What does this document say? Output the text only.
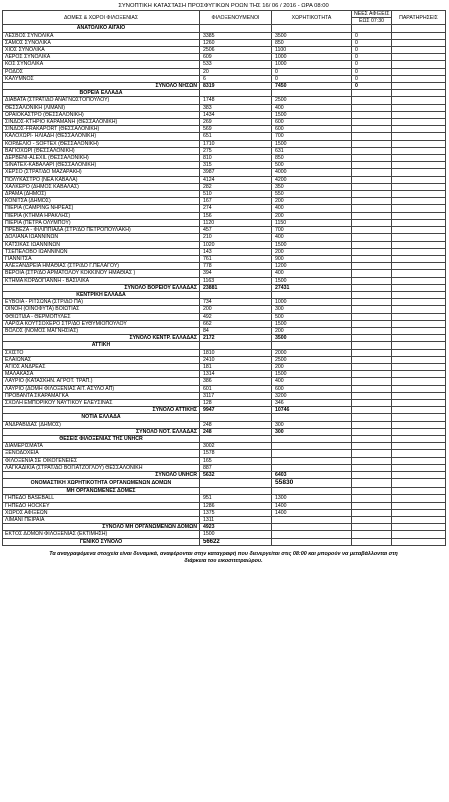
ΣΥΝΟΠΤΙΚΗ ΚΑΤΑΣΤΑΣΗ ΠΡΟΣΦΥΓΙΚΩΝ ΡΟΩΝ ΤΗΣ 16/ 06 / 2016 - ΩΡΑ 08:00
ΔΟΜΕΣ & ΧΩΡΟΙ ΦΙΛΟΞΕΝΙΑΣ	ΦΙΛΟΞΕΝΟΥΜΕΝΟΙ	ΧΩΡΗΤΙΚΟΤΗΤΑ	ΝΕΕΣ ΑΦΙΞΕΙΣ	ΠΑΡΑΤΗΡΗΣΕΙΣ
			ΕΩΣ 07:30	
ΑΝΑΤΟΛΙΚΟ ΑΙΓΑΙΟ				
ΛΕΣΒΟΣ ΣΥΝΟΛΙΚΑ	3385	3500	0	
ΣΑΜΟΣ ΣΥΝΟΛΙΚΑ	1260	850	0	
ΧΙΟΣ ΣΥΝΟΛΙΚΑ	2506	1100	0	
ΛΕΡΟΣ ΣΥΝΟΛΙΚΑ	609	1000	0	
ΚΟΣ ΣΥΝΟΛΙΚΑ	533	1000	0	
ΡΟΔΟΣ	20	0	0	
ΚΑΛΥΜΝΟΣ	6	0	0	
ΣΥΝΟΛΟ ΝΗΣΩΝ	8319	7450	0	
ΒΟΡΕΙΑ ΕΛΛΑΔΑ				
ΔΙΑΒΑΤΑ (ΣΤΡΑΤ/ΔΟ ΑΝΑΓΝΩΣΤΟΠΟΥΛΟΥ)	1748	2500		
ΘΕΣΣΑΛΟΝΙΚΗ (ΛΙΜΑΝΙ)	383	400		
ΩΡΑΙΟΚΑΣΤΡΟ (ΘΕΣΣΑΛΟΝΙΚΗ)	1434	1500		
ΣΙΝΔΟΣ-ΚΤΗΡΙΟ ΚΑΡΑΜΑΝΗ (ΘΕΣΣΑΛΟΝΙΚΗ)	269	600		
ΣΙΝΔΟΣ-FRAKAPORT (ΘΕΣΣΑΛΟΝΙΚΗ)	569	600		
ΚΑΛΟΧΩΡΙ- ΗΛΙΑΔΗ (ΘΕΣΣΑΛΟΝΙΚΗ)	651	700		
ΚΟΡΔΕΛΙΟ - SOFTEX (ΘΕΣΣΑΛΟΝΙΚΗ)	1710	1500		
ΒΑΓΙΟΧΩΡΙ (ΘΕΣΣΑΛΟΝΙΚΗ)	275	631		
ΔΕΡΒΕΝΙ-ALEXIL (ΘΕΣΣΑΛΟΝΙΚΗ)	810	850		
SINATEX-ΚΑΒΑΛΑΡΙ (ΘΕΣΣΑΛΟΝΙΚΗ)	315	500		
ΧΕΡΣΟ (ΣΤΡΑΤ/ΔΟ ΜΑΖΑΡΑΚΗ)	3987	4000		
ΠΟΛΥΚΑΣΤΡΟ (ΝΕΑ ΚΑΒΑΛΑ)	4124	4200		
ΧΑΛΚΕΡΟ (ΔΗΜΟΣ ΚΑΒΑΛΑΣ)	282	350		
ΔΡΑΜΑ (ΔΗΜΟΣ)	510	550		
ΚΟΝΙΤΣΑ (ΔΗΜΟΣ)	167	200		
ΠΙΕΡΙΑ (CAMPING ΝΗΡΕΑΣ)	274	400		
ΠΙΕΡΙΑ (ΚΤΗΜΑ ΗΡΑΚΛΗΣ)	156	200		
ΠΙΕΡΙΑ (ΠΕΤΡΑ ΟΛΥΜΠΟΥ)	1120	1150		
ΠΡΕΒΕΖΑ - ΦΙΛΙΠΠΙΑΔΑ (ΣΤΡ/ΔΟ ΠΕΤΡΟΠΟΥΛΑΚΗ)	457	700		
ΔΟΛΙΑΝΑ ΙΩΑΝΝΙΝΩΝ	210	400		
ΚΑΤΣΙΚΑΣ ΙΩΑΝΝΙΝΩΝ	1020	1500		
ΤΣΕΠΕΛΟΒΟ ΙΩΑΝΝΙΝΩΝ	143	200		
ΓΙΑΝΝΙΤΣΑ	761	900		
ΑΛΕΞΑΝΔΡΕΙΑ ΗΜΑΘΙΑΣ (ΣΤΡ/ΔΟ Γ.ΠΕΛΑΓΟΥ)	778	1200		
ΒΕΡΟΙΑ (ΣΤΡ/ΔΟ ΑΡΜΑΤΟΛΟΥ ΚΟΚΚΙΝΟΥ ΗΜΑΘΙΑΣ )	394	400		
ΚΤΗΜΑ ΚΟΡΔΟΓΙΑΝΝΗ - ΒΑΣΙΛΙΚΑ	1163	1500		
ΣΥΝΟΛΟ ΒΟΡΕΙΟΥ ΕΛΛΑΔΑΣ	23881	27431		
ΚΕΝΤΡΙΚΗ ΕΛΛΑΔΑ				
ΕΥΒΟΙΑ - ΡΙΤΣΩΝΑ (ΣΤΡ/ΔΟ ΠΑ)	734	1000		
ΟΙΝΟΗ (ΟΙΝΟΦΥΤΑ) ΒΟΙΩΤΙΑΣ	200	300		
ΦΘΙΩΤΙΔΑ - ΘΕΡΜΟΠΥΛΕΣ	492	500		
ΛΑΡΙΣΑ ΚΟΥΤΣΟΧΕΡΟ ΣΤΡ/ΔΟ ΕΥΘΥΜΙΟΠΟΥΛΟΥ	662	1500		
ΒΟΛΟΣ (ΝΟΜΟΣ ΜΑΓΝΗΣΙΑΣ)	84	200		
ΣΥΝΟΛΟ ΚΕΝΤΡ. ΕΛΛΑΔΑΣ	2172	3500		
ΑΤΤΙΚΗ				
ΣΧΙΣΤΟ	1810	2000		
ΕΛΑΙΩΝΑΣ	2410	2500		
ΑΓΙΟΣ ΑΝΔΡΕΑΣ	181	200		
ΜΑΛΑΚΑΣΑ	1314	1500		
ΛΑΥΡΙΟ (ΚΑΤΑΣΚΗΝ. ΑΓΡΟΤ. ΤΡΑΠ.)	386	400		
ΛΑΥΡΙΟ (ΔΟΜΗ ΦΙΛΟΞΕΝΙΑΣ ΑΙΤ. ΑΣΥΛΟ ΑΠ)	601	600		
ΠΡΟΒΑΝΤΑ ΣΚΑΡΑΜΑΓΚΑ	3117	3200		
ΣΧΟΛΗ ΕΜΠΟΡΙΚΟΥ ΝΑΥΤΙΚΟΥ ΕΛΕΥΣΙΝΑΣ	128	346		
ΣΥΝΟΛΟ ΑΤΤΙΚΗΣ	9947	10746		
ΝΟΤΙΑ ΕΛΛΑΔΑ				
ΑΝΔΡΑΒΙΔΑΣ (ΔΗΜΟΣ)	248	300		
ΣΥΝΟΛΟ ΝΟΤ. ΕΛΛΑΔΑΣ	248	300		
ΘΕΣΕΙΣ ΦΙΛΟΞΕΝΙΑΣ ΤΗΣ UNHCR				
ΔΙΑΜΕΡΙΣΜΑΤΑ	3002			
ΞΕΝΟΔΟΧΕΙΑ	1578			
ΦΙΛΟΞΕΝΙΑ ΣΕ ΟΙΚΟΓΕΝΕΙΕΣ	165			
ΛΑΓΚΑΔΙΚΙΑ (ΣΤΡΑΤ/ΔΟ ΒΟΓΙΑΤΖΟΓΛΟΥ) ΘΕΣΣΑΛΟΝΙΚΗ	887			
ΣΥΝΟΛΟ UNHCR	5632	6403		
ΟΝΟΜΑΣΤΙΚΗ ΧΩΡΗΤΙΚΟΤΗΤΑ ΟΡΓΑΝΩΜΕΝΩΝ ΔΟΜΩΝ		55830		
ΜΗ ΟΡΓΑΝΩΜΕΝΕΣ ΔΟΜΕΣ				
ΓΗΠΕΔΟ BASEBALL	951	1300		
ΓΗΠΕΔΟ HOCKEY	1286	1400		
ΧΩΡΟΣ ΑΦΙΞΕΩΝ	1375	1400		
ΛΙΜΑΝΙ ΠΕΙΡΑΙΑ	1311			
ΣΥΝΟΛΟ ΜΗ ΟΡΓΑΝΩΜΕΝΩΝ ΔΟΜΩΝ	4923			
ΕΚΤΟΣ ΔΟΜΩΝ ΦΙΛΟΞΕΝΙΑΣ (ΕΚΤΙΜΗΣΗ)	1500			
ΓΕΝΙΚΟ ΣΥΝΟΛΟ	56622			
Τα αναγραφόμενα στοιχεία είναι δυναμικά, αναφέρονται στην καταγραφή που διενεργείται στις 08:00 και μπορούν να μεταβάλλονται στη
διάρκεια του εικοσιτετραώρου.
